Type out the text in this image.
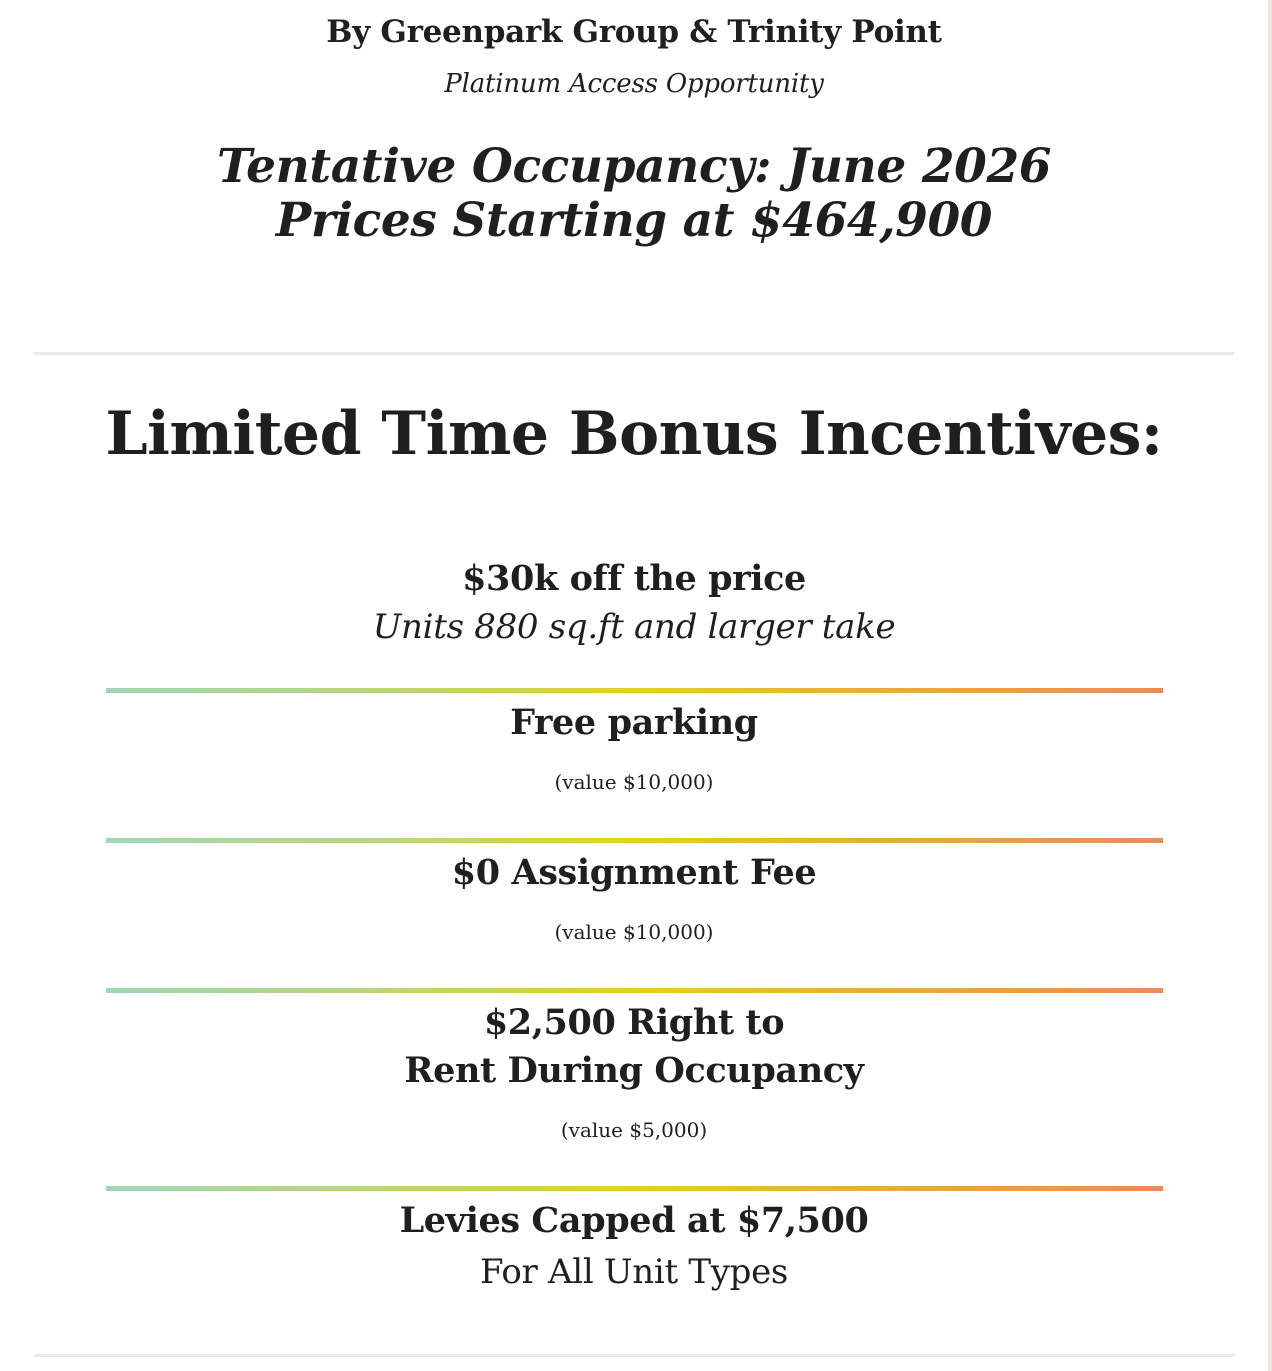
By Greenpark Group & Trinity Point
Platinum Access Opportunity
Tentative Occupancy: June 2026
Prices Starting at $464,900
Limited Time Bonus Incentives:
$30k off the price
Units 880 sq.ft and larger take
Free parking
(value $10,000)
$0 Assignment Fee
(value $10,000)
$2,500 Right to
Rent During Occupancy
(value $5,000)
Levies Capped at $7,500
For All Unit Types
